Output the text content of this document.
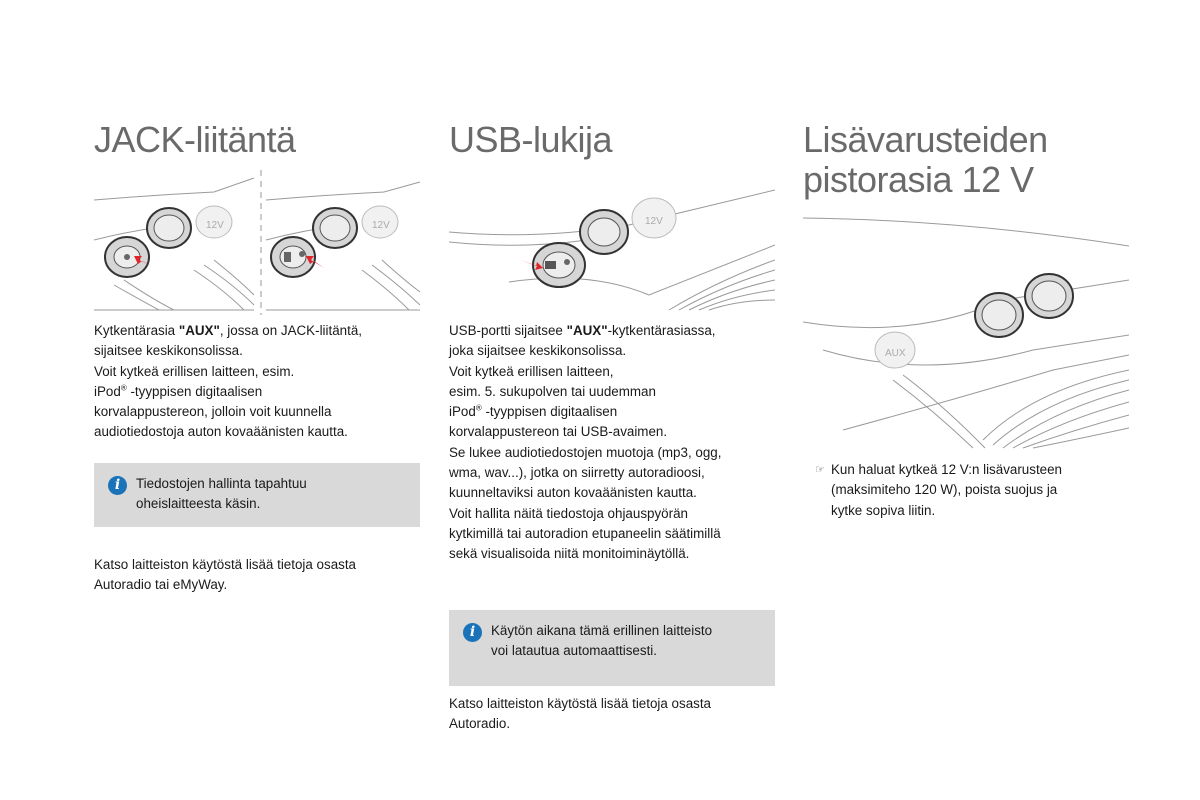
JACK-liitäntä
12V	12V

Kytkentärasia "AUX", jossa on JACK-liitäntä,

sijaitsee keskikonsolissa.

Voit kytkeä erillisen laitteen, esim.

iPod® -tyyppisen digitaalisen

korvalappustereon, jolloin voit kuunnella

audiotiedostoja auton kovaäänisten kautta.

i	Tiedostojen hallinta tapahtuu
oheislaitteesta käsin.

Katso laitteiston käytöstä lisää tietoja osasta

Autoradio tai eMyWay.

USB-lukija
12V

USB-portti sijaitsee "AUX"-kytkentärasiassa,

joka sijaitsee keskikonsolissa.

Voit kytkeä erillisen laitteen,

esim. 5. sukupolven tai uudemman

iPod® -tyyppisen digitaalisen

korvalappustereon tai USB-avaimen.

Se lukee audiotiedostojen muotoja (mp3, ogg,

wma, wav...), jotka on siirretty autoradioosi,

kuunneltaviksi auton kovaäänisten kautta.

Voit hallita näitä tiedostoja ohjauspyörän

kytkimillä tai autoradion etupaneelin säätimillä

sekä visualisoida niitä monitoiminäytöllä.

i	Käytön aikana tämä erillinen laitteisto
voi latautua automaattisesti.

Katso laitteiston käytöstä lisää tietoja osasta

Autoradio.

Lisävarusteiden
pistorasia 12 V
AUX
☞ Kun haluat kytkeä 12 V:n lisävarusteen

(maksimiteho 120 W), poista suojus ja

kytke sopiva liitin.
